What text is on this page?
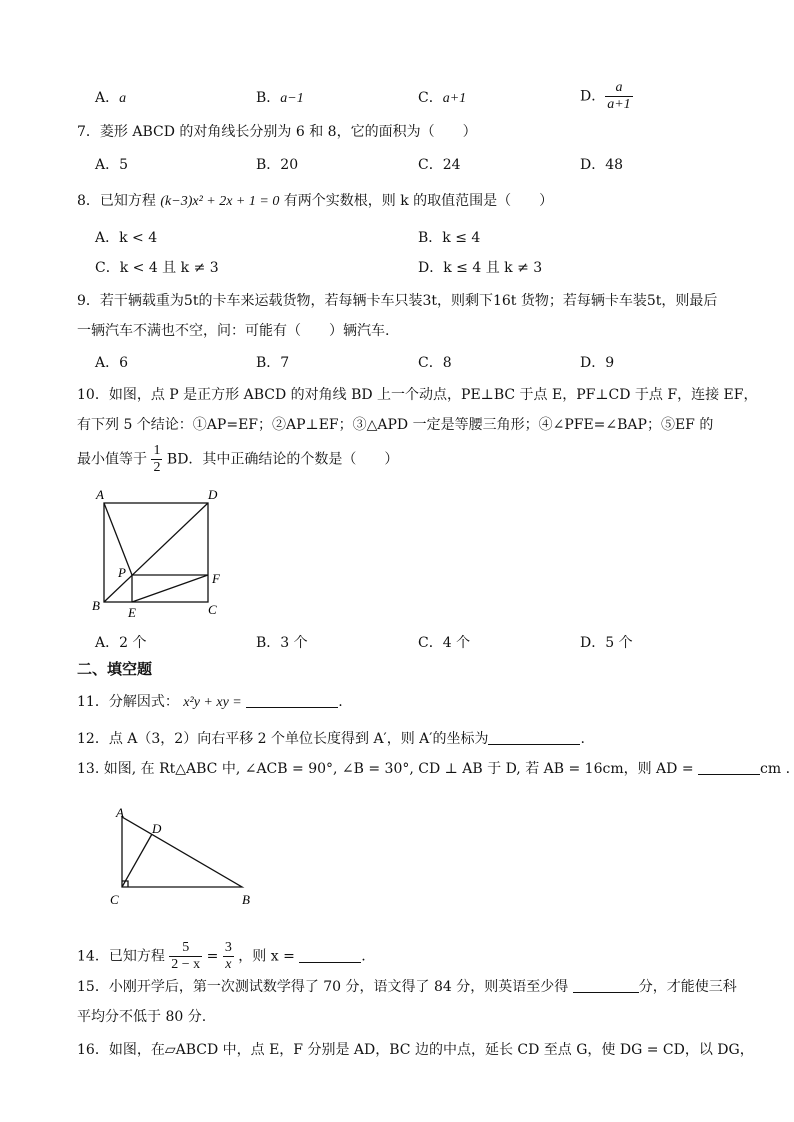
A．a	B．a−1	C．a+1	D． $\frac{a}{a+1}$
7．菱形 ABCD 的对角线长分别为 6 和 8，它的面积为（　　）
A．5	B．20	C．24	D．48
8．已知方程 (k−3)x² + 2x + 1 = 0 有两个实数根，则 k 的取值范围是（　　）
A．k < 4	B．k ≤ 4
C．k < 4 且 k ≠ 3	D．k ≤ 4 且 k ≠ 3
9．若干辆载重为5t的卡车来运载货物，若每辆卡车只装3t，则剩下16t 货物；若每辆卡车装5t，则最后
一辆汽车不满也不空，问：可能有（　　）辆汽车.
A．6	B．7	C．8	D．9
10．如图，点 P 是正方形 ABCD 的对角线 BD 上一个动点，PE⊥BC 于点 E，PF⊥CD 于点 F，连接 EF，
有下列 5 个结论：①AP=EF；②AP⊥EF；③△APD 一定是等腰三角形；④∠PFE=∠BAP；⑤EF 的
最小值等于 $\frac{1}{2}$ BD．其中正确结论的个数是（　　）
A	D
P	F
B E	C
A．2 个	B．3 个	C．4 个	D．5 个
二、填空题
11．分解因式： x²y + xy =	.
12．点 A（3，2）向右平移 2 个单位长度得到 A′，则 A′的坐标为	.
13. 如图, 在 Rt△ABC 中, ∠ACB = 90°, ∠B = 30°, CD ⊥ AB 于 D, 若 AB = 16cm，则 AD =	cm .
A
D
C	B
14．已知方程 $\frac{5}{2 - x} = \frac{3}{x}$ ，则 x =	.
15．小刚开学后，第一次测试数学得了 70 分，语文得了 84 分，则英语至少得	分，才能使三科
平均分不低于 80 分.
16．如图，在▱ABCD 中，点 E，F 分别是 AD，BC 边的中点，延长 CD 至点 G，使 DG = CD，以 DG，
